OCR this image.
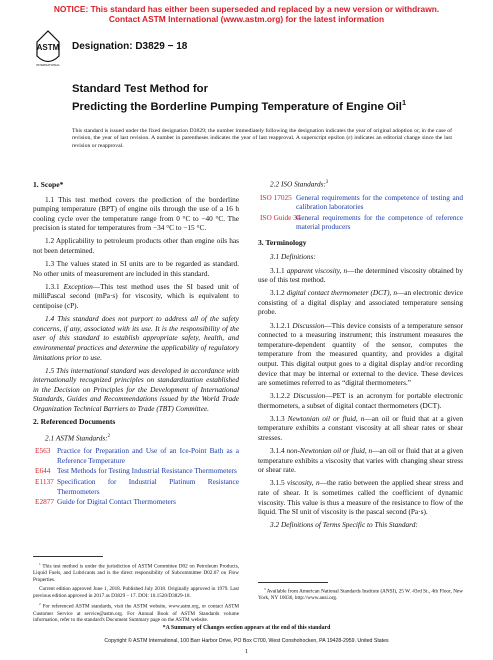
NOTICE: This standard has either been superseded and replaced by a new version or withdrawn.
Contact ASTM International (www.astm.org) for the latest information
ASTM
INTERNATIONAL
Designation: D3829 − 18
Standard Test Method for
Predicting the Borderline Pumping Temperature of Engine Oil$^1$
This standard is issued under the fixed designation D3829; the number immediately following the designation indicates the year of original adoption or, in the case of revision, the year of last revision. A number in parentheses indicates the year of last reapproval. A superscript epsilon (ε) indicates an editorial change since the last revision or reapproval.

1. Scope*

1.1 This test method covers the prediction of the borderline pumping temperature (BPT) of engine oils through the use of a 16 h cooling cycle over the temperature range from 0 °C to −40 °C. The precision is stated for temperatures from −34 °C to −15 °C.

1.2 Applicability to petroleum products other than engine oils has not been determined.

1.3 The values stated in SI units are to be regarded as standard. No other units of measurement are included in this standard.

1.3.1 Exception—This test method uses the SI based unit of milliPascal second (mPa·s) for viscosity, which is equivalent to centipoise (cP).

1.4 This standard does not purport to address all of the safety concerns, if any, associated with its use. It is the responsibility of the user of this standard to establish appropriate safety, health, and environmental practices and determine the applicability of regulatory limitations prior to use.

1.5 This international standard was developed in accordance with internationally recognized principles on standardization established in the Decision on Principles for the Development of International Standards, Guides and Recommendations issued by the World Trade Organization Technical Barriers to Trade (TBT) Committee.

2. Referenced Documents

2.1 ASTM Standards:$^2$

E563 Practice for Preparation and Use of an Ice-Point Bath as a Reference Temperature

E644 Test Methods for Testing Industrial Resistance Thermometers

E1137 Specification for Industrial Platinum Resistance Thermometers

E2877 Guide for Digital Contact Thermometers

2.2 ISO Standards:$^3$

ISO 17025 General requirements for the competence of testing and calibration laboratories

ISO Guide 34
General requirements for the competence of reference material producers

3. Terminology

3.1 Definitions:

3.1.1 apparent viscosity, n—the determined viscosity obtained by use of this test method.

3.1.2 digital contact thermometer (DCT), n—an electronic device consisting of a digital display and associated temperature sensing probe.

3.1.2.1 Discussion—This device consists of a temperature sensor connected to a measuring instrument; this instrument measures the temperature-dependent quantity of the sensor, computes the temperature from the measured quantity, and provides a digital output. This digital output goes to a digital display and/or recording device that may be internal or external to the device. These devices are sometimes referred to as “digital thermometers.”

3.1.2.2 Discussion—PET is an acronym for portable electronic thermometers, a subset of digital contact thermometers (DCT).

3.1.3 Newtonian oil or fluid, n—an oil or fluid that at a given temperature exhibits a constant viscosity at all shear rates or shear stresses.

3.1.4 non-Newtonian oil or fluid, n—an oil or fluid that at a given temperature exhibits a viscosity that varies with changing shear stress or shear rate.

3.1.5 viscosity, n—the ratio between the applied shear stress and rate of shear. It is sometimes called the coefficient of dynamic viscosity. This value is thus a measure of the resistance to flow of the liquid. The SI unit of viscosity is the pascal second (Pa·s).

3.2 Definitions of Terms Specific to This Standard:

$^1$ This test method is under the jurisdiction of ASTM Committee D02 on Petroleum Products, Liquid Fuels, and Lubricants and is the direct responsibility of Subcommittee D02.07 on Flow Properties.

Current edition approved June 1, 2018. Published July 2018. Originally approved in 1979. Last previous edition approved in 2017 as D3829 – 17. DOI: 10.1520/D3829-18.

$^2$ For referenced ASTM standards, visit the ASTM website, www.astm.org, or contact ASTM Customer Service at service@astm.org. For Annual Book of ASTM Standards volume information, refer to the standard's Document Summary page on the ASTM website.

$^3$ Available from American National Standards Institute (ANSI), 25 W. 43rd St., 4th Floor, New York, NY 10036, http://www.ansi.org.

*A Summary of Changes section appears at the end of this standard
Copyright © ASTM International, 100 Barr Harbor Drive, PO Box C700, West Conshohocken, PA 19428-2959. United States
1
